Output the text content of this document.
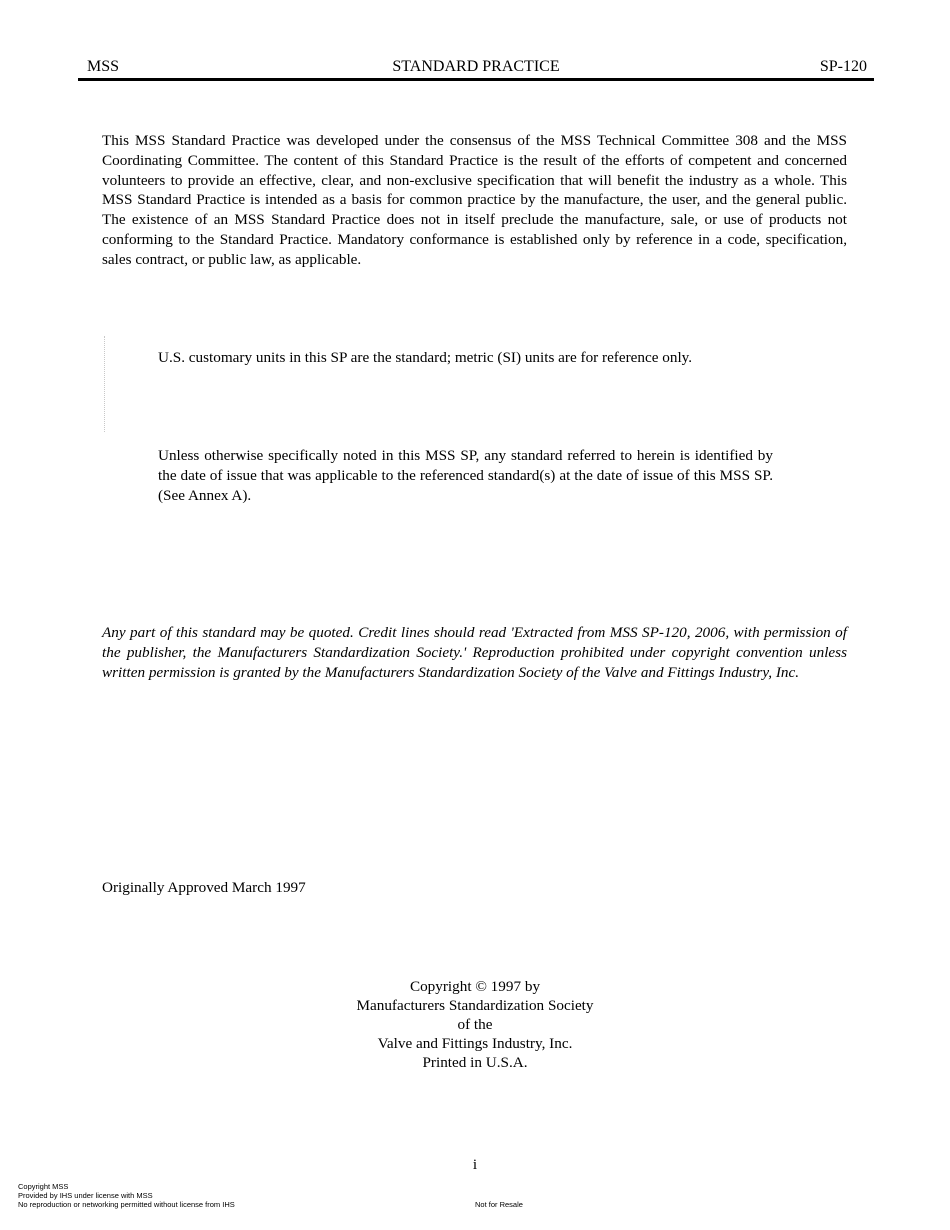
MSS	STANDARD PRACTICE	SP-120
This MSS Standard Practice was developed under the consensus of the MSS Technical Committee 308 and the MSS Coordinating Committee. The content of this Standard Practice is the result of the efforts of competent and concerned volunteers to provide an effective, clear, and non-exclusive specification that will benefit the industry as a whole. This MSS Standard Practice is intended as a basis for common practice by the manufacture, the user, and the general public. The existence of an MSS Standard Practice does not in itself preclude the manufacture, sale, or use of products not conforming to the Standard Practice. Mandatory conformance is established only by reference in a code, specification, sales contract, or public law, as applicable.
U.S. customary units in this SP are the standard; metric (SI) units are for reference only.
Unless otherwise specifically noted in this MSS SP, any standard referred to herein is identified by the date of issue that was applicable to the referenced standard(s) at the date of issue of this MSS SP. (See Annex A).
Any part of this standard may be quoted. Credit lines should read 'Extracted from MSS SP-120, 2006, with permission of the publisher, the Manufacturers Standardization Society.' Reproduction prohibited under copyright convention unless written permission is granted by the Manufacturers Standardization Society of the Valve and Fittings Industry, Inc.
Originally Approved March 1997
Copyright © 1997 by
Manufacturers Standardization Society
of the
Valve and Fittings Industry, Inc.
Printed in U.S.A.
i
Copyright MSS
Provided by IHS under license with MSS
No reproduction or networking permitted without license from IHS	Not for Resale
